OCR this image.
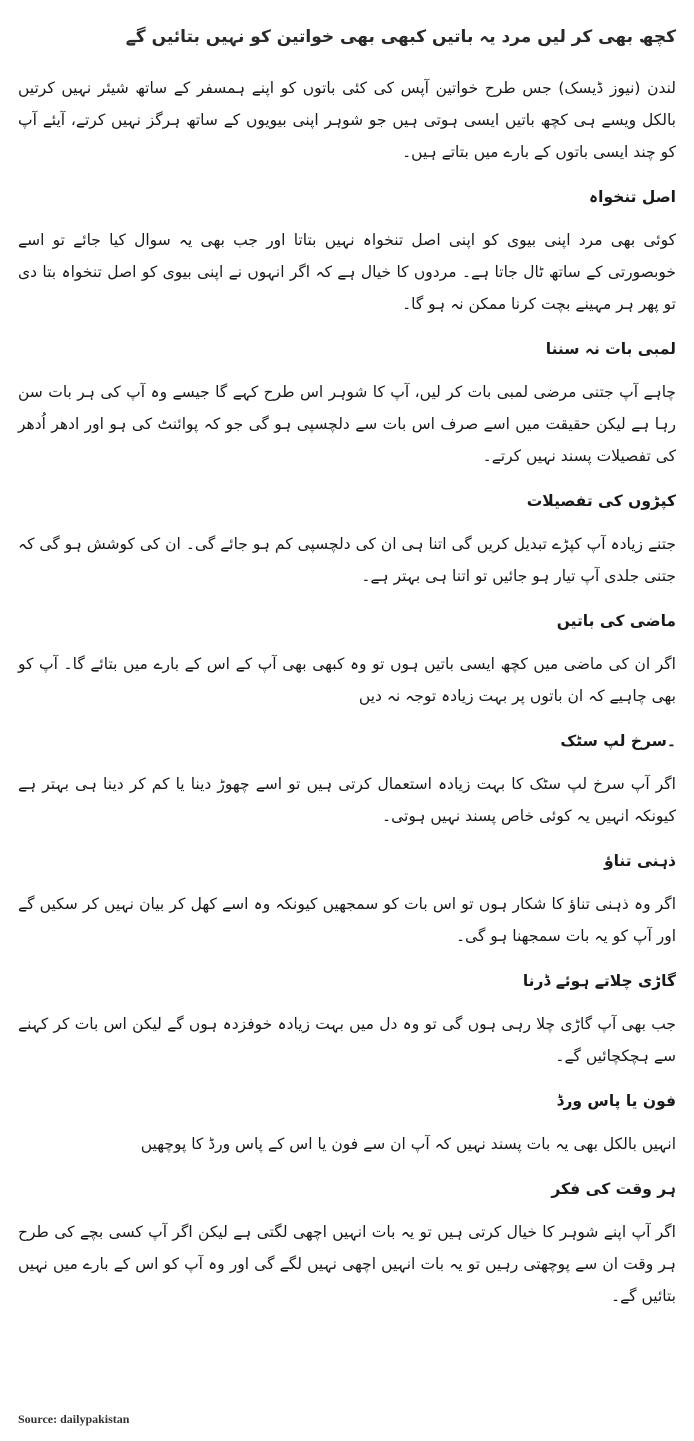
کچھ بھی کر لیں مرد یہ باتیں کبھی بھی خواتین کو نہیں بتائیں گے

لندن (نیوز ڈیسک) جس طرح خواتین آپس کی کئی باتوں کو اپنے ہمسفر کے ساتھ شیئر نہیں کرتیں بالکل ویسے ہی کچھ باتیں ایسی ہوتی ہیں جو شوہر اپنی بیویوں کے ساتھ ہرگز نہیں کرتے، آیئے آپ کو چند ایسی باتوں کے بارے میں بتاتے ہیں۔

اصل تنخواہ

کوئی بھی مرد اپنی بیوی کو اپنی اصل تنخواہ نہیں بتاتا اور جب بھی یہ سوال کیا جائے تو اسے خوبصورتی کے ساتھ ٹال جاتا ہے۔ مردوں کا خیال ہے کہ اگر انہوں نے اپنی بیوی کو اصل تنخواہ بتا دی تو پھر ہر مہینے بچت کرنا ممکن نہ ہو گا۔

لمبی بات نہ سننا

چاہے آپ جتنی مرضی لمبی بات کر لیں، آپ کا شوہر اس طرح کہے گا جیسے وہ آپ کی ہر بات سن رہا ہے لیکن حقیقت میں اسے صرف اس بات سے دلچسپی ہو گی جو کہ پوائنٹ کی ہو اور ادھر اُدھر کی تفصیلات پسند نہیں کرتے۔

کپڑوں کی تفصیلات

جتنے زیادہ آپ کپڑے تبدیل کریں گی اتنا ہی ان کی دلچسپی کم ہو جائے گی۔ ان کی کوشش ہو گی کہ جتنی جلدی آپ تیار ہو جائیں تو اتنا ہی بہتر ہے۔

ماضی کی باتیں

اگر ان کی ماضی میں کچھ ایسی باتیں ہوں تو وہ کبھی بھی آپ کے اس کے بارے میں بتائے گا۔ آپ کو بھی چاہیے کہ ان باتوں پر بہت زیادہ توجہ نہ دیں

۔سرخ لپ سٹک

اگر آپ سرخ لپ سٹک کا بہت زیادہ استعمال کرتی ہیں تو اسے چھوڑ دینا یا کم کر دینا ہی بہتر ہے کیونکہ انہیں یہ کوئی خاص پسند نہیں ہوتی۔

ذہنی تناﺅ

اگر وہ ذہنی تناﺅ کا شکار ہوں تو اس بات کو سمجھیں کیونکہ وہ اسے کھل کر بیان نہیں کر سکیں گے اور آپ کو یہ بات سمجھنا ہو گی۔

گاڑی چلاتے ہوئے ڈرنا

جب بھی آپ گاڑی چلا رہی ہوں گی تو وہ دل میں بہت زیادہ خوفزدہ ہوں گے لیکن اس بات کر کہنے سے ہچکچائیں گے۔

فون یا پاس ورڈ

انہیں بالکل بھی یہ بات پسند نہیں کہ آپ ان سے فون یا اس کے پاس ورڈ کا پوچھیں

ہر وقت کی فکر

اگر آپ اپنے شوہر کا خیال کرتی ہیں تو یہ بات انہیں اچھی لگتی ہے لیکن اگر آپ کسی بچے کی طرح ہر وقت ان سے پوچھتی رہیں تو یہ بات انہیں اچھی نہیں لگے گی اور وہ آپ کو اس کے بارے میں نہیں بتائیں گے۔

Source: dailypakistan
